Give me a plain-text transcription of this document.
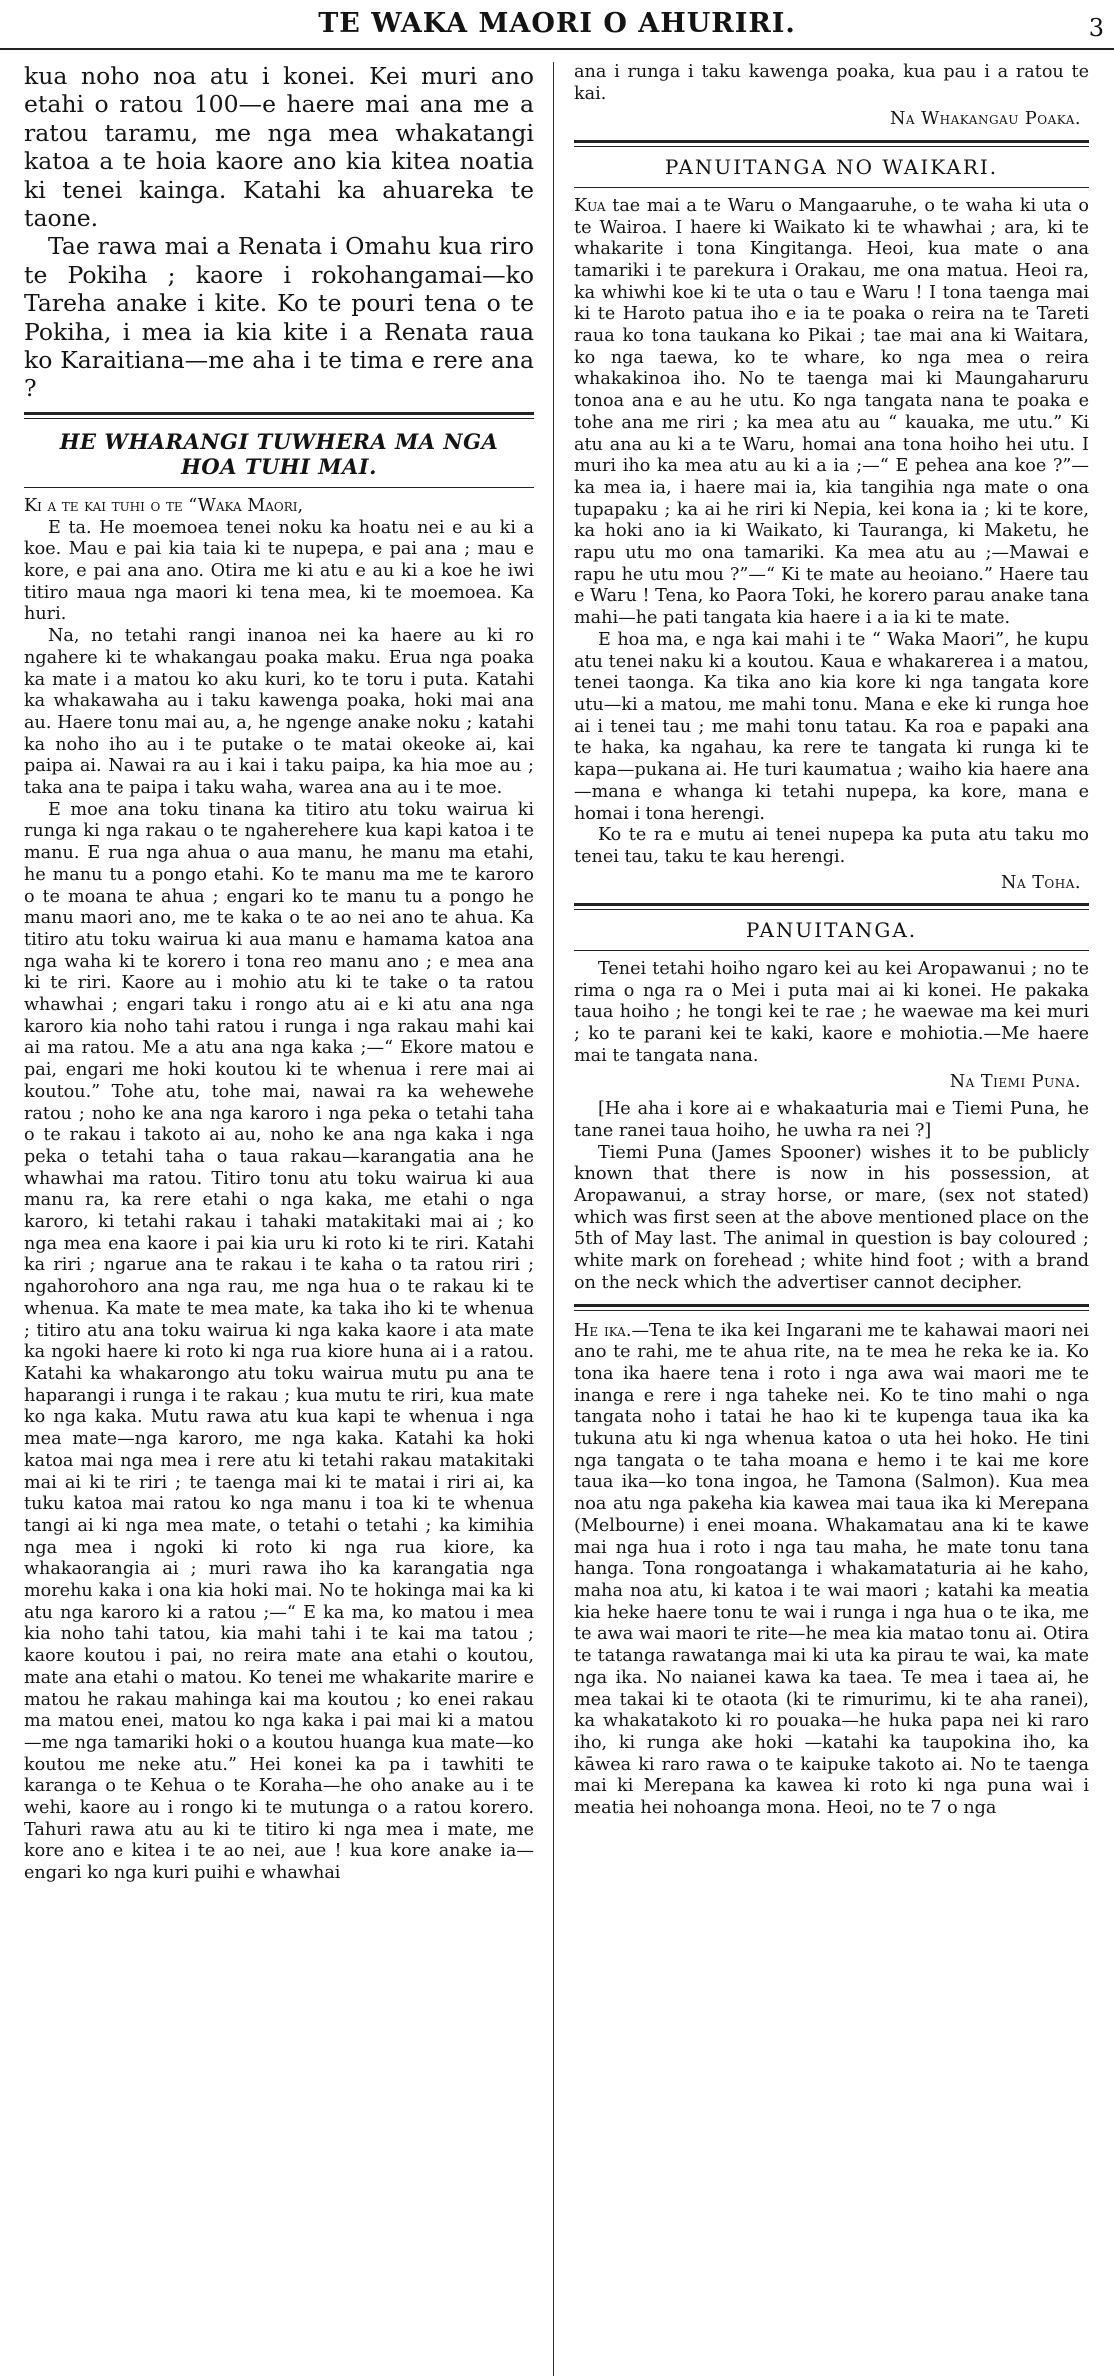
TE WAKA MAORI O AHURIRI.	3

kua noho noa atu i konei. Kei muri ano etahi o ratou 100—e haere mai ana me a ratou taramu, me nga mea whakatangi katoa a te hoia kaore ano kia kitea noatia ki tenei kainga. Katahi ka ahuareka te taone.

Tae rawa mai a Renata i Omahu kua riro te Pokiha ; kaore i rokohangamai—ko Tareha anake i kite. Ko te pouri tena o te Pokiha, i mea ia kia kite i a Renata raua ko Karaitiana—me aha i te tima e rere ana ?

HE WHARANGI TUWHERA MA NGA HOA TUHI MAI.

Ki a te kai tuhi o te “Waka Maori,

E ta. He moemoea tenei noku ka hoatu nei e au ki a koe. Mau e pai kia taia ki te nupepa, e pai ana ; mau e kore, e pai ana ano. Otira me ki atu e au ki a koe he iwi titiro maua nga maori ki tena mea, ki te moemoea. Ka huri.

Na, no tetahi rangi inanoa nei ka haere au ki ro ngahere ki te whakangau poaka maku. Erua nga poaka ka mate i a matou ko aku kuri, ko te toru i puta. Katahi ka whakawaha au i taku kawenga poaka, hoki mai ana au. Haere tonu mai au, a, he ngenge anake noku ; katahi ka noho iho au i te putake o te matai okeoke ai, kai paipa ai. Nawai ra au i kai i taku paipa, ka hia moe au ; taka ana te paipa i taku waha, warea ana au i te moe.

E moe ana toku tinana ka titiro atu toku wairua ki runga ki nga rakau o te ngaherehere kua kapi katoa i te manu. E rua nga ahua o aua manu, he manu ma etahi, he manu tu a pongo etahi. Ko te manu ma me te karoro o te moana te ahua ; engari ko te manu tu a pongo he manu maori ano, me te kaka o te ao nei ano te ahua. Ka titiro atu toku wairua ki aua manu e hamama katoa ana nga waha ki te korero i tona reo manu ano ; e mea ana ki te riri. Kaore au i mohio atu ki te take o ta ratou whawhai ; engari taku i rongo atu ai e ki atu ana nga karoro kia noho tahi ratou i runga i nga rakau mahi kai ai ma ratou. Me a atu ana nga kaka ;—“ Ekore matou e pai, engari me hoki koutou ki te whenua i rere mai ai koutou.” Tohe atu, tohe mai, nawai ra ka wehewehe ratou ; noho ke ana nga karoro i nga peka o tetahi taha o te rakau i takoto ai au, noho ke ana nga kaka i nga peka o tetahi taha o taua rakau—karangatia ana he whawhai ma ratou. Titiro tonu atu toku wairua ki aua manu ra, ka rere etahi o nga kaka, me etahi o nga karoro, ki tetahi rakau i tahaki matakitaki mai ai ; ko nga mea ena kaore i pai kia uru ki roto ki te riri. Katahi ka riri ; ngarue ana te rakau i te kaha o ta ratou riri ; ngahorohoro ana nga rau, me nga hua o te rakau ki te whenua. Ka mate te mea mate, ka taka iho ki te whenua ; titiro atu ana toku wairua ki nga kaka kaore i ata mate ka ngoki haere ki roto ki nga rua kiore huna ai i a ratou. Katahi ka whakarongo atu toku wairua mutu pu ana te haparangi i runga i te rakau ; kua mutu te riri, kua mate ko nga kaka. Mutu rawa atu kua kapi te whenua i nga mea mate—nga karoro, me nga kaka. Katahi ka hoki katoa mai nga mea i rere atu ki tetahi rakau matakitaki mai ai ki te riri ; te taenga mai ki te matai i riri ai, ka tuku katoa mai ratou ko nga manu i toa ki te whenua tangi ai ki nga mea mate, o tetahi o tetahi ; ka kimihia nga mea i ngoki ki roto ki nga rua kiore, ka whakaorangia ai ; muri rawa iho ka karangatia nga morehu kaka i ona kia hoki mai. No te hokinga mai ka ki atu nga karoro ki a ratou ;—“ E ka ma, ko matou i mea kia noho tahi tatou, kia mahi tahi i te kai ma tatou ; kaore koutou i pai, no reira mate ana etahi o koutou, mate ana etahi o matou. Ko tenei me whakarite marire e matou he rakau mahinga kai ma koutou ; ko enei rakau ma matou enei, matou ko nga kaka i pai mai ki a matou—me nga tamariki hoki o a koutou huanga kua mate—ko koutou me neke atu.” Hei konei ka pa i tawhiti te karanga o te Kehua o te Koraha—he oho anake au i te wehi, kaore au i rongo ki te mutunga o a ratou korero. Tahuri rawa atu au ki te titiro ki nga mea i mate, me kore ano e kitea i te ao nei, aue ! kua kore anake ia—engari ko nga kuri puihi e whawhai

ana i runga i taku kawenga poaka, kua pau i a ratou te kai.

Na Whakangau Poaka.
PANUITANGA NO WAIKARI.

Kua tae mai a te Waru o Mangaaruhe, o te waha ki uta o te Wairoa. I haere ki Waikato ki te whawhai ; ara, ki te whakarite i tona Kingitanga. Heoi, kua mate o ana tamariki i te parekura i Orakau, me ona matua. Heoi ra, ka whiwhi koe ki te uta o tau e Waru ! I tona taenga mai ki te Haroto patua iho e ia te poaka o reira na te Tareti raua ko tona taukana ko Pikai ; tae mai ana ki Waitara, ko nga taewa, ko te whare, ko nga mea o reira whakakinoa iho. No te taenga mai ki Maungaharuru tonoa ana e au he utu. Ko nga tangata nana te poaka e tohe ana me riri ; ka mea atu au “ kauaka, me utu.” Ki atu ana au ki a te Waru, homai ana tona hoiho hei utu. I muri iho ka mea atu au ki a ia ;—“ E pehea ana koe ?”—ka mea ia, i haere mai ia, kia tangihia nga mate o ona tupapaku ; ka ai he riri ki Nepia, kei kona ia ; ki te kore, ka hoki ano ia ki Waikato, ki Tauranga, ki Maketu, he rapu utu mo ona tamariki. Ka mea atu au ;—Mawai e rapu he utu mou ?”—“ Ki te mate au heoiano.” Haere tau e Waru ! Tena, ko Paora Toki, he korero parau anake tana mahi—he pati tangata kia haere i a ia ki te mate.

E hoa ma, e nga kai mahi i te “ Waka Maori”, he kupu atu tenei naku ki a koutou. Kaua e whakarerea i a matou, tenei taonga. Ka tika ano kia kore ki nga tangata kore utu—ki a matou, me mahi tonu. Mana e eke ki runga hoe ai i tenei tau ; me mahi tonu tatau. Ka roa e papaki ana te haka, ka ngahau, ka rere te tangata ki runga ki te kapa—pukana ai. He turi kaumatua ; waiho kia haere ana—mana e whanga ki tetahi nupepa, ka kore, mana e homai i tona herengi.

Ko te ra e mutu ai tenei nupepa ka puta atu taku mo tenei tau, taku te kau herengi.

Na Toha.
PANUITANGA.

Tenei tetahi hoiho ngaro kei au kei Aropawanui ; no te rima o nga ra o Mei i puta mai ai ki konei. He pakaka taua hoiho ; he tongi kei te rae ; he waewae ma kei muri ; ko te parani kei te kaki, kaore e mohiotia.—Me haere mai te tangata nana.

Na Tiemi Puna.

[He aha i kore ai e whakaaturia mai e Tiemi Puna, he tane ranei taua hoiho, he uwha ra nei ?]

Tiemi Puna (James Spooner) wishes it to be publicly known that there is now in his possession, at Aropawanui, a stray horse, or mare, (sex not stated) which was first seen at the above mentioned place on the 5th of May last. The animal in question is bay coloured ; white mark on forehead ; white hind foot ; with a brand on the neck which the advertiser cannot decipher.

He ika.—Tena te ika kei Ingarani me te kahawai maori nei ano te rahi, me te ahua rite, na te mea he reka ke ia. Ko tona ika haere tena i roto i nga awa wai maori me te inanga e rere i nga taheke nei. Ko te tino mahi o nga tangata noho i tatai he hao ki te kupenga taua ika ka tukuna atu ki nga whenua katoa o uta hei hoko. He tini nga tangata o te taha moana e hemo i te kai me kore taua ika—ko tona ingoa, he Tamona (Salmon). Kua mea noa atu nga pakeha kia kawea mai taua ika ki Merepana (Melbourne) i enei moana. Whakamatau ana ki te kawe mai nga hua i roto i nga tau maha, he mate tonu tana hanga. Tona rongoatanga i whakamataturia ai he kaho, maha noa atu, ki katoa i te wai maori ; katahi ka meatia kia heke haere tonu te wai i runga i nga hua o te ika, me te awa wai maori te rite—he mea kia matao tonu ai. Otira te tatanga rawatanga mai ki uta ka pirau te wai, ka mate nga ika. No naianei kawa ka taea. Te mea i taea ai, he mea takai ki te otaota (ki te rimurimu, ki te aha ranei), ka whakatakoto ki ro pouaka—he huka papa nei ki raro iho, ki runga ake hoki —katahi ka taupokina iho, ka kāwea ki raro rawa o te kaipuke takoto ai. No te taenga mai ki Merepana ka kawea ki roto ki nga puna wai i meatia hei nohoanga mona. Heoi, no te 7 o nga
